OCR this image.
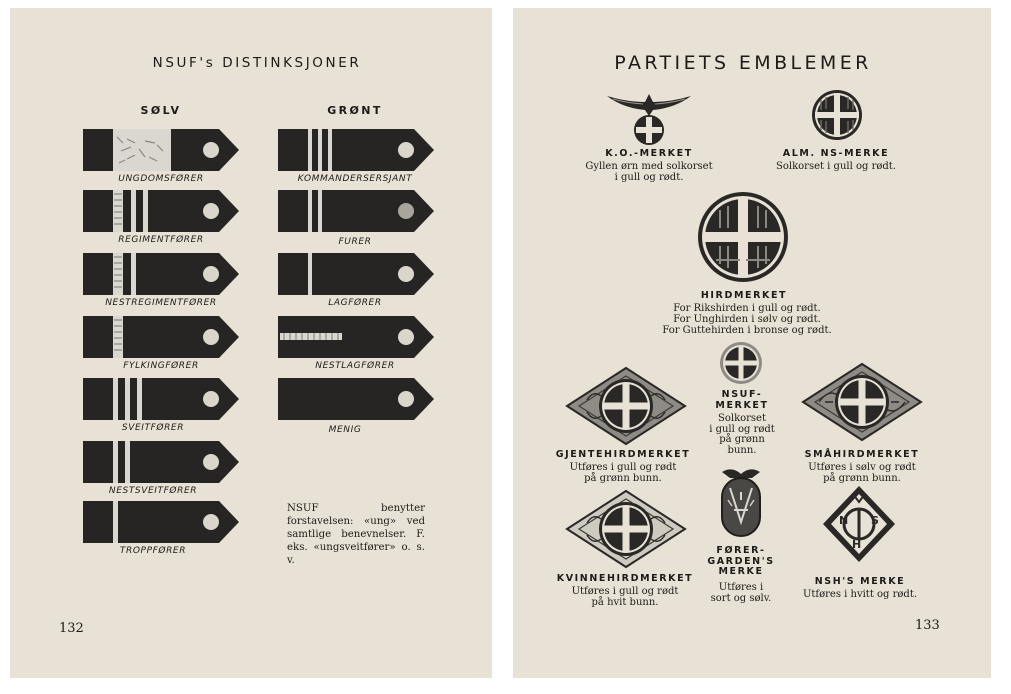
NSUF's DISTINKSJONER
SØLV	GRØNT
UNGDOMSFØRER
REGIMENTFØRER
NESTREGIMENTFØRER
FYLKINGFØRER
SVEITFØRER
NESTSVEITFØRER
TROPPFØRER
KOMMANDERSERSJANT
FURER
LAGFØRER
NESTLAGFØRER
MENIG
NSUF benytter forstavelsen: «ung» ved samtlige benevnelser. F. eks. «ungsveitfører» o. s. v.
132
PARTIETS EMBLEMER
K.O.-MERKET
Gyllen ørn med solkorset
i gull og rødt.
ALM. NS-MERKE
Solkorset i gull og rødt.
HIRDMERKET
For Rikshirden i gull og rødt.
For Unghirden i sølv og rødt.
For Guttehirden i bronse og rødt.
NSUF-
MERKET
Solkorset
i gull og rødt
på grønn
bunn.
GJENTEHIRDMERKET
Utføres i gull og rødt
på grønn bunn.
SMÅHIRDMERKET
Utføres i sølv og rødt
på grønn bunn.
KVINNEHIRDMERKET
Utføres i gull og rødt
på hvit bunn.
FØRER-
GARDEN'S
MERKE
Utføres i
sort og sølv.
N
H
S
NSH'S MERKE
Utføres i hvitt og rødt.
133
